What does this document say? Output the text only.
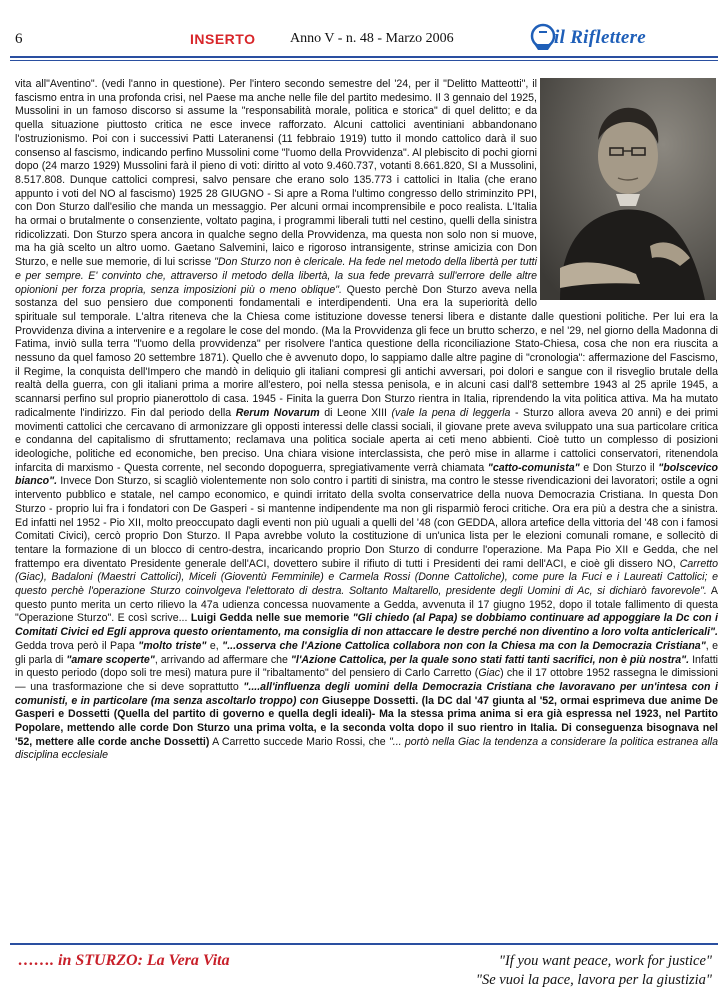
6	INSERTO Anno V - n. 48 - Marzo 2006	il Riflettere

vita all"Aventino". (vedi l'anno in questione). Per l'intero secondo semestre del '24, per il "Delitto Matteotti", il fascismo entra in una profonda crisi, nel Paese ma anche nelle file del partito medesimo. Il 3 gennaio del 1925, Mussolini in un famoso discorso si assume la "responsabilità morale, politica e storica" di quel delitto; e da quella situazione piuttosto critica ne esce invece rafforzato. Alcuni cattolici aventiniani abbandonano l'ostruzionismo. Poi con i successivi Patti Lateranensi (11 febbraio 1919) tutto il mondo cattolico darà il suo consenso al fascismo, indicando perfino Mussolini come "l'uomo della Provvidenza". Al plebiscito di pochi giorni dopo (24 marzo 1929) Mussolini farà il pieno di voti: diritto al voto 9.460.737, votanti 8.661.820, SI a Mussolini, 8.517.808. Dunque cattolici compresi, salvo pensare che erano solo 135.773 i cattolici in Italia (che erano appunto i voti del NO al fascismo) 1925 28 GIUGNO - Si apre a Roma l'ultimo congresso dello striminzito PPI, con Don Sturzo dall'esilio che manda un messaggio. Per alcuni ormai incomprensibile e poco realista. L'Italia ha ormai o brutalmente o consenziente, voltato pagina, i programmi liberali tutti nel cestino, quelli della sinistra ridicolizzati. Don Sturzo spera ancora in qualche segno della Provvidenza, ma questa non solo non si muove, ma ha già scelto un altro uomo. Gaetano Salvemini, laico e rigoroso intransigente, strinse amicizia con Don Sturzo, e nelle sue memorie, di lui scrisse "Don Sturzo non è clericale. Ha fede nel metodo della libertà per tutti e per sempre. E' convinto che, attraverso il metodo della libertà, la sua fede prevarrà sull'errore delle altre opionioni per forza propria, senza imposizioni più o meno oblique". Questo perchè Don Sturzo aveva nella sostanza del suo pensiero due componenti fondamentali e interdipendenti. Una era la superiorità dello spirituale sul temporale. L'altra riteneva che la Chiesa come istituzione dovesse tenersi libera e distante dalle questioni politiche. Per lui era la Provvidenza divina a intervenire e a regolare le cose del mondo. (Ma la Provvidenza gli fece un brutto scherzo, e nel '29, nel giorno della Madonna di Fatima, inviò sulla terra "l'uomo della provvidenza" per risolvere l'antica questione della riconciliazione Stato-Chiesa, cosa che non era riuscita a nessuno da quel famoso 20 settembre 1871). Quello che è avvenuto dopo, lo sappiamo dalle altre pagine di "cronologia": affermazione del Fascismo, il Regime, la conquista dell'Impero che mandò in deliquio gli italiani compresi gli antichi avversari, poi dolori e sangue con il risveglio brutale della realtà della guerra, con gli italiani prima a morire all'estero, poi nella stessa penisola, e in alcuni casi dall'8 settembre 1943 al 25 aprile 1945, a scannarsi perfino sul proprio pianerottolo di casa. 1945 - Finita la guerra Don Sturzo rientra in Italia, riprendendo la vita politica attiva. Ma ha mutato radicalmente l'indirizzo. Fin dal periodo della Rerum Novarum di Leone XIII (vale la pena di leggerla - Sturzo allora aveva 20 anni) e dei primi movimenti cattolici che cercavano di armonizzare gli opposti interessi delle classi sociali, il giovane prete aveva sviluppato una sua particolare critica e condanna del capitalismo di sfruttamento; reclamava una politica sociale aperta ai ceti meno abbienti. Cioè tutto un complesso di posizioni ideologiche, politiche ed economiche, ben preciso. Una chiara visione interclassista, che però mise in allarme i cattolici conservatori, ritenendola infarcita di marxismo - Questa corrente, nel secondo dopoguerra, spregiativamente verrà chiamata "catto-comunista" e Don Sturzo il "bolscevico bianco". Invece Don Sturzo, si scagliò violentemente non solo contro i partiti di sinistra, ma contro le stesse rivendicazioni dei lavoratori; ostile a ogni intervento pubblico e statale, nel campo economico, e quindi irritato della svolta conservatrice della nuova Democrazia Cristiana. In questa Don Sturzo - proprio lui fra i fondatori con De Gasperi - si mantenne indipendente ma non gli risparmiò feroci critiche. Ora era più a destra che a sinistra. Ed infatti nel 1952 - Pio XII, molto preoccupato dagli eventi non più uguali a quelli del '48 (con GEDDA, allora artefice della vittoria del '48 con i famosi Comitati Civici), cercò proprio Don Sturzo. Il Papa avrebbe voluto la costituzione di un'unica lista per le elezioni comunali romane, e sollecitò di tentare la formazione di un blocco di centro-destra, incaricando proprio Don Sturzo di condurre l'operazione. Ma Papa Pio XII e Gedda, che nel frattempo era diventato Presidente generale dell'ACI, dovettero subire il rifiuto di tutti i Presidenti dei rami dell'ACI, e cioè gli dissero NO, Carretto (Giac), Badaloni (Maestri Cattolici), Miceli (Gioventù Femminile) e Carmela Rossi (Donne Cattoliche), come pure la Fuci e i Laureati Cattolici; e questo perchè l'operazione Sturzo coinvolgeva l'elettorato di destra. Soltanto Maltarello, presidente degli Uomini di Ac, si dichiarò favorevole". A questo punto merita un certo rilievo la 47a udienza concessa nuovamente a Gedda, avvenuta il 17 giugno 1952, dopo il totale fallimento di questa "Operazione Sturzo". E così scrive... Luigi Gedda nelle sue memorie "Gli chiedo (al Papa) se dobbiamo continuare ad appoggiare la Dc con i Comitati Civici ed Egli approva questo orientamento, ma consiglia di non attaccare le destre perché non diventino a loro volta anticlericali". Gedda trova però il Papa "molto triste" e, "...osserva che l'Azione Cattolica collabora non con la Chiesa ma con la Democrazia Cristiana", e gli parla di "amare scoperte", arrivando ad affermare che "l'Azione Cattolica, per la quale sono stati fatti tanti sacrifici, non è più nostra". Infatti in questo periodo (dopo soli tre mesi) matura pure il "ribaltamento" del pensiero di Carlo Carretto (Giac) che il 17 ottobre 1952 rassegna le dimissioni — una trasformazione che si deve soprattutto "....all'influenza degli uomini della Democrazia Cristiana che lavoravano per un'intesa con i comunisti, e in particolare (ma senza ascoltarlo troppo) con Giuseppe Dossetti. (la DC dal '47 giunta al '52, ormai esprimeva due anime De Gasperi e Dossetti (Quella del partito di governo e quella degli ideali)- Ma la stessa prima anima si era già espressa nel 1923, nel Partito Popolare, mettendo alle corde Don Sturzo una prima volta, e la seconda volta dopo il suo rientro in Italia. Di conseguenza bisognava nel '52, mettere alle corde anche Dossetti) A Carretto succede Mario Rossi, che "... portò nella Giac la tendenza a considerare la politica estranea alla disciplina ecclesiale

……. in STURZO: La Vera Vita	"If you want peace, work for justice"
"Se vuoi la pace, lavora per la giustizia"
